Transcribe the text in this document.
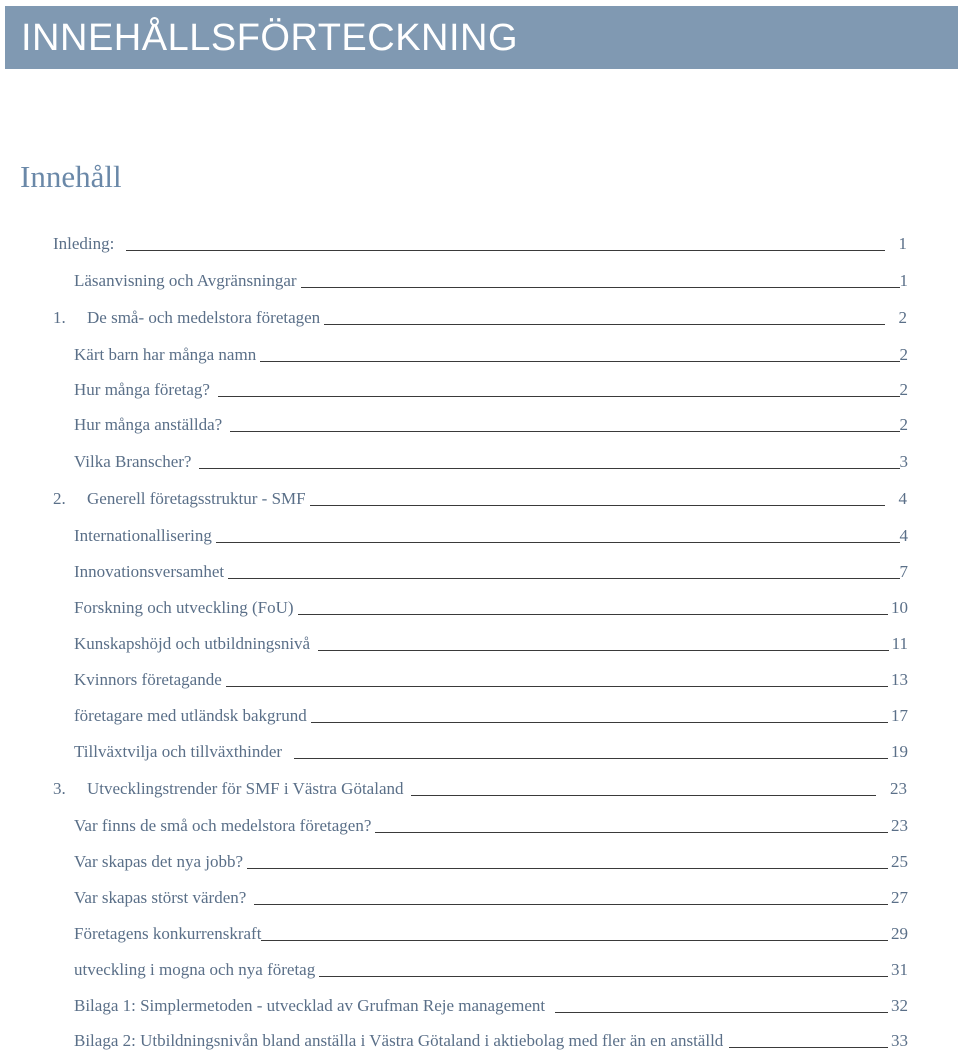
INNEHÅLLSFÖRTECKNING
Innehåll
Inleding:	1
Läsanvisning och Avgränsningar	1
1.	De små- och medelstora företagen	2
Kärt barn har många namn	2
Hur många företag?	2
Hur många anställda?	2
Vilka Branscher?	3
2.	Generell företagsstruktur - SMF	4
Internationallisering	4
Innovationsversamhet	7
Forskning och utveckling (FoU)	10
Kunskapshöjd och utbildningsnivå	11
Kvinnors företagande	13
företagare med utländsk bakgrund	17
Tillväxtvilja och tillväxthinder	19
3.	Utvecklingstrender för SMF i Västra Götaland	23
Var finns de små och medelstora företagen?	23
Var skapas det nya jobb?	25
Var skapas störst värden?	27
Företagens konkurrenskraft	29
utveckling i mogna och nya företag	31
Bilaga 1: Simplermetoden - utvecklad av Grufman Reje management	32
Bilaga 2: Utbildningsnivån bland anställa i Västra Götaland i aktiebolag med fler än en anställd	33
